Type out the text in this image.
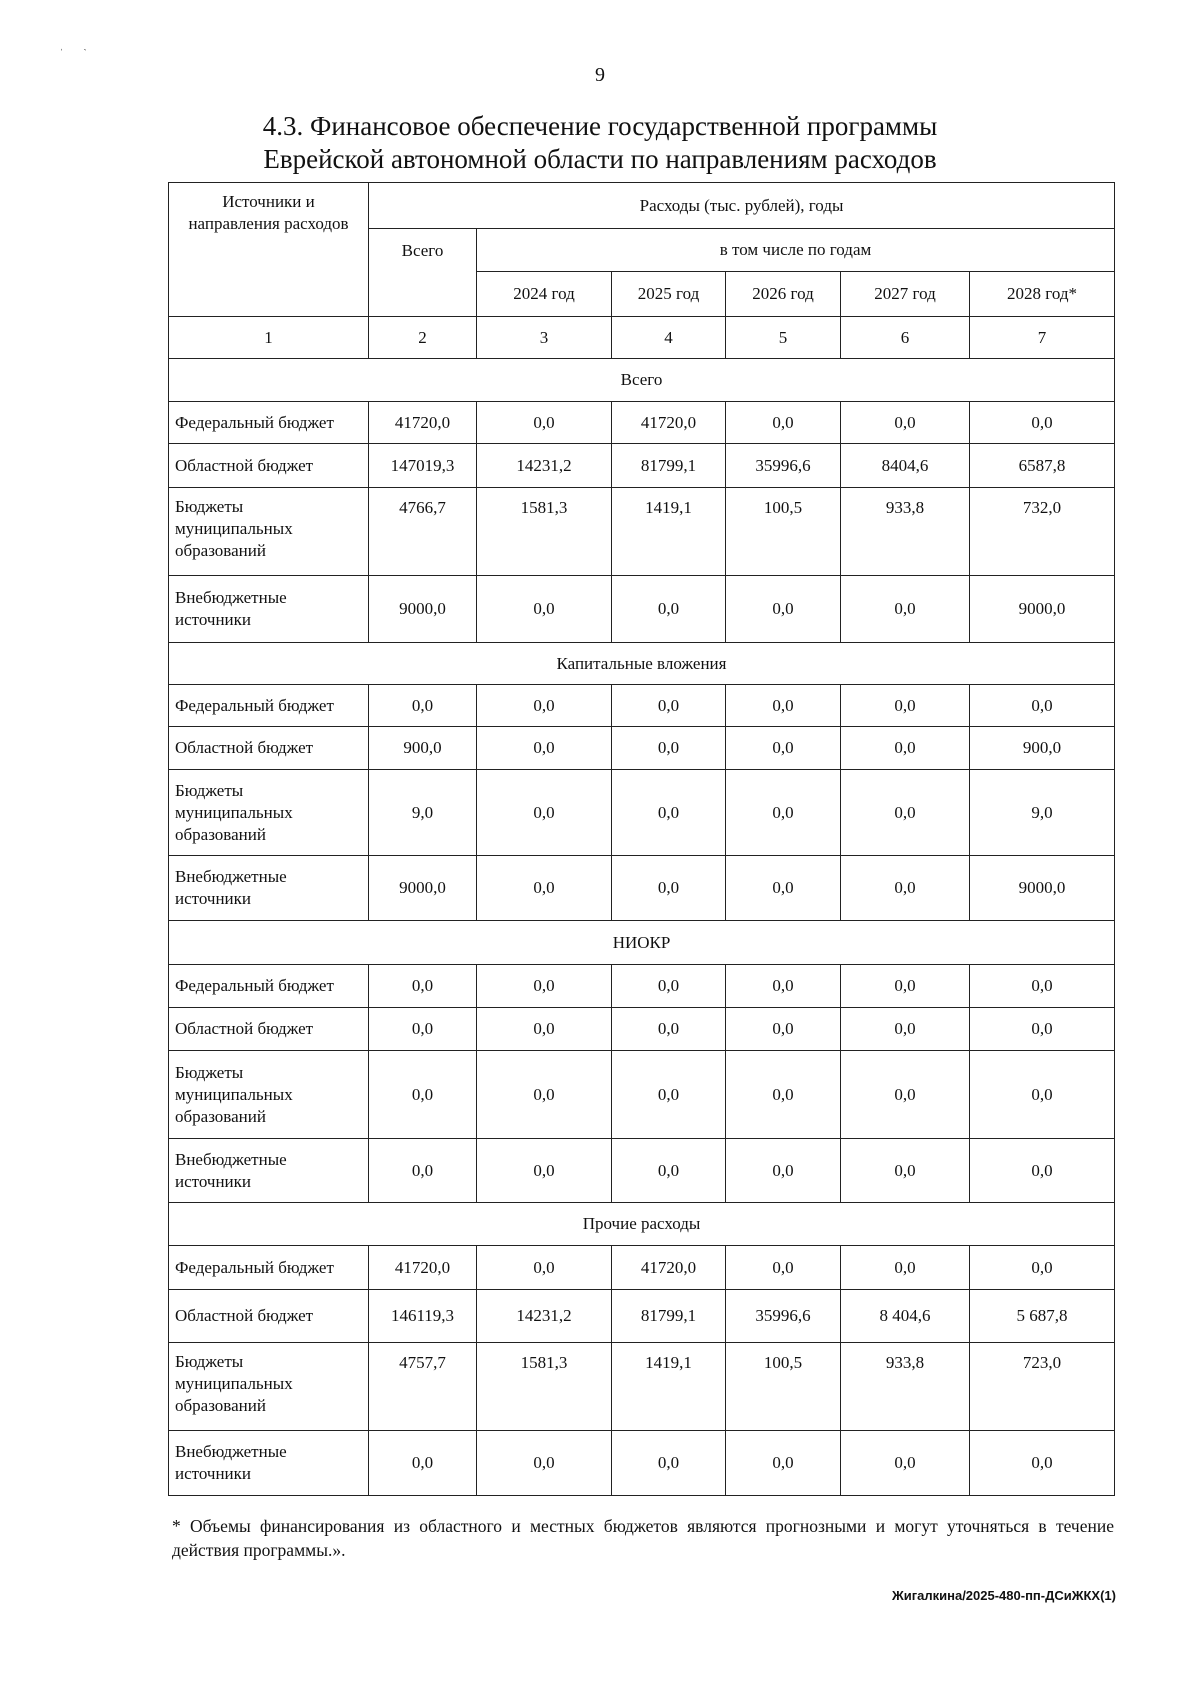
ˌ        ˏ
9
4.3. Финансовое обеспечение государственной программы
Еврейской автономной области по направлениям расходов
Источники и направления расходов	Расходы (тыс. рублей), годы					
	Всего	в том числе по годам				
		2024 год	2025 год	2026 год	2027 год	2028 год*
1	2	3	4	5	6	7
Всего						
Федеральный бюджет	41720,0	0,0	41720,0	0,0	0,0	0,0
Областной бюджет	147019,3	14231,2	81799,1	35996,6	8404,6	6587,8
Бюджеты муниципальных образований	4766,7	1581,3	1419,1	100,5	933,8	732,0
Внебюджетные источники	9000,0	0,0	0,0	0,0	0,0	9000,0
Капитальные вложения						
Федеральный бюджет	0,0	0,0	0,0	0,0	0,0	0,0
Областной бюджет	900,0	0,0	0,0	0,0	0,0	900,0
Бюджеты муниципальных образований	9,0	0,0	0,0	0,0	0,0	9,0
Внебюджетные источники	9000,0	0,0	0,0	0,0	0,0	9000,0
НИОКР						
Федеральный бюджет	0,0	0,0	0,0	0,0	0,0	0,0
Областной бюджет	0,0	0,0	0,0	0,0	0,0	0,0
Бюджеты муниципальных образований	0,0	0,0	0,0	0,0	0,0	0,0
Внебюджетные источники	0,0	0,0	0,0	0,0	0,0	0,0
Прочие расходы						
Федеральный бюджет	41720,0	0,0	41720,0	0,0	0,0	0,0
Областной бюджет	146119,3	14231,2	81799,1	35996,6	8 404,6	5 687,8
Бюджеты муниципальных образований	4757,7	1581,3	1419,1	100,5	933,8	723,0
Внебюджетные источники	0,0	0,0	0,0	0,0	0,0	0,0
* Объемы финансирования из областного и местных бюджетов являются прогнозными и могут уточняться в течение действия программы.».
Жигалкина/2025-480-пп-ДСиЖКХ(1)
